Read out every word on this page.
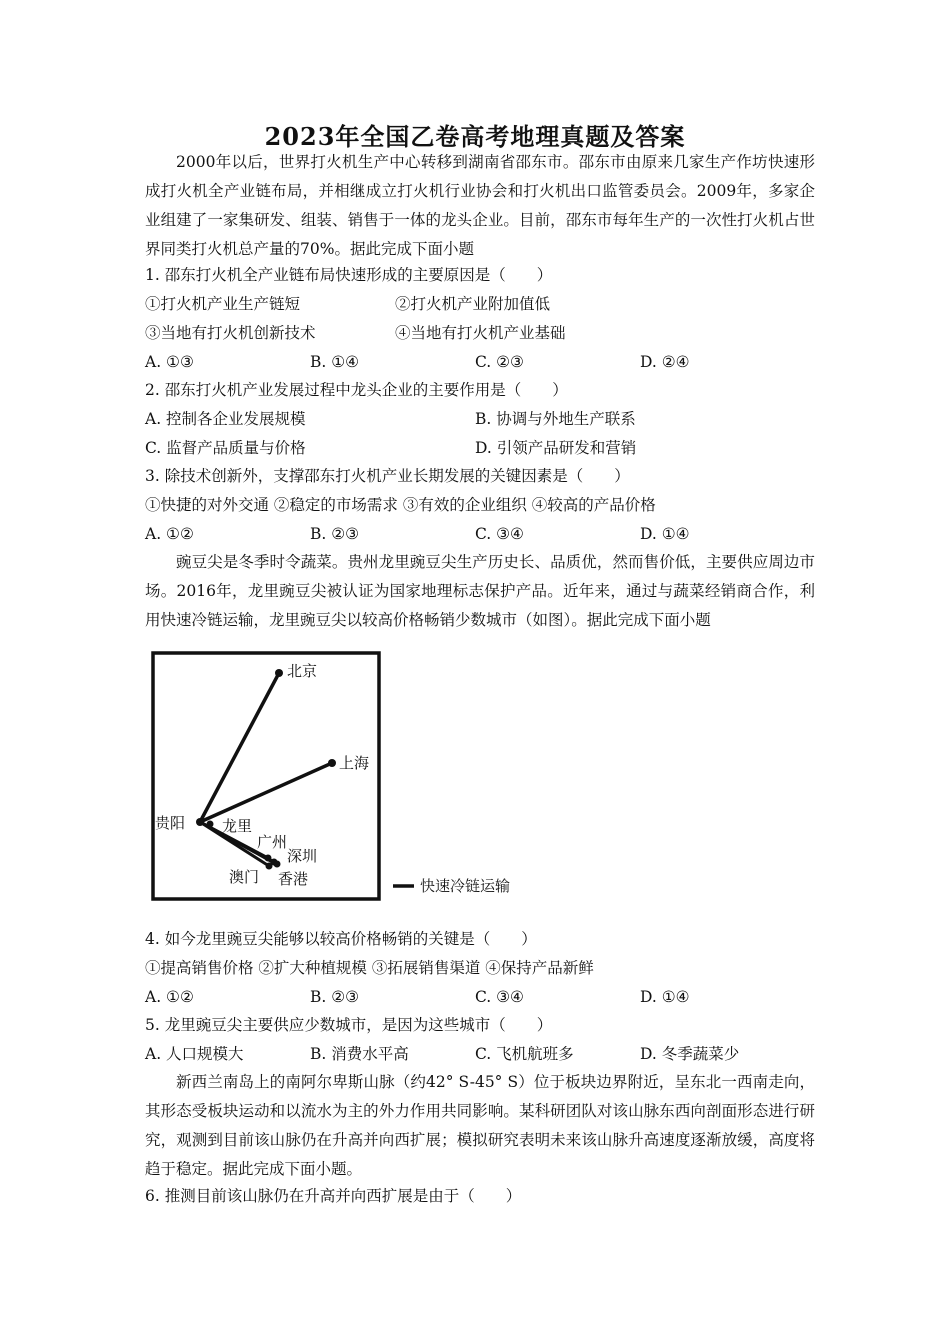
2023年全国乙卷高考地理真题及答案
2000年以后，世界打火机生产中心转移到湖南省邵东市。邵东市由原来几家生产作坊快速形成打火机全产业链布局，并相继成立打火机行业协会和打火机出口监管委员会。2009年，多家企业组建了一家集研发、组装、销售于一体的龙头企业。目前，邵东市每年生产的一次性打火机占世界同类打火机总产量的70%。据此完成下面小题
1. 邵东打火机全产业链布局快速形成的主要原因是（　　）
①打火机产业生产链短	②打火机产业附加值低
③当地有打火机创新技术	④当地有打火机产业基础
A. ①③	B. ①④	C. ②③	D. ②④
2. 邵东打火机产业发展过程中龙头企业的主要作用是（　　）
A. 控制各企业发展规模	B. 协调与外地生产联系
C. 监督产品质量与价格	D. 引领产品研发和营销
3. 除技术创新外，支撑邵东打火机产业长期发展的关键因素是（　　）
①快捷的对外交通 ②稳定的市场需求 ③有效的企业组织 ④较高的产品价格
A. ①②	B. ②③	C. ③④	D. ①④
豌豆尖是冬季时令蔬菜。贵州龙里豌豆尖生产历史长、品质优，然而售价低，主要供应周边市场。2016年，龙里豌豆尖被认证为国家地理标志保护产品。近年来，通过与蔬菜经销商合作，利用快速冷链运输，龙里豌豆尖以较高价格畅销少数城市（如图）。据此完成下面小题
北京
上海
贵阳 龙里
广州
深圳
澳门 香港	快速冷链运输
4. 如今龙里豌豆尖能够以较高价格畅销的关键是（　　）
①提高销售价格 ②扩大种植规模 ③拓展销售渠道 ④保持产品新鲜
A. ①②	B. ②③	C. ③④	D. ①④
5. 龙里豌豆尖主要供应少数城市，是因为这些城市（　　）
A. 人口规模大	B. 消费水平高	C. 飞机航班多	D. 冬季蔬菜少
新西兰南岛上的南阿尔卑斯山脉（约42° S-45° S）位于板块边界附近，呈东北一西南走向，其形态受板块运动和以流水为主的外力作用共同影响。某科研团队对该山脉东西向剖面形态进行研究，观测到目前该山脉仍在升高并向西扩展；模拟研究表明未来该山脉升高速度逐渐放缓，高度将趋于稳定。据此完成下面小题。
6. 推测目前该山脉仍在升高并向西扩展是由于（　　）
